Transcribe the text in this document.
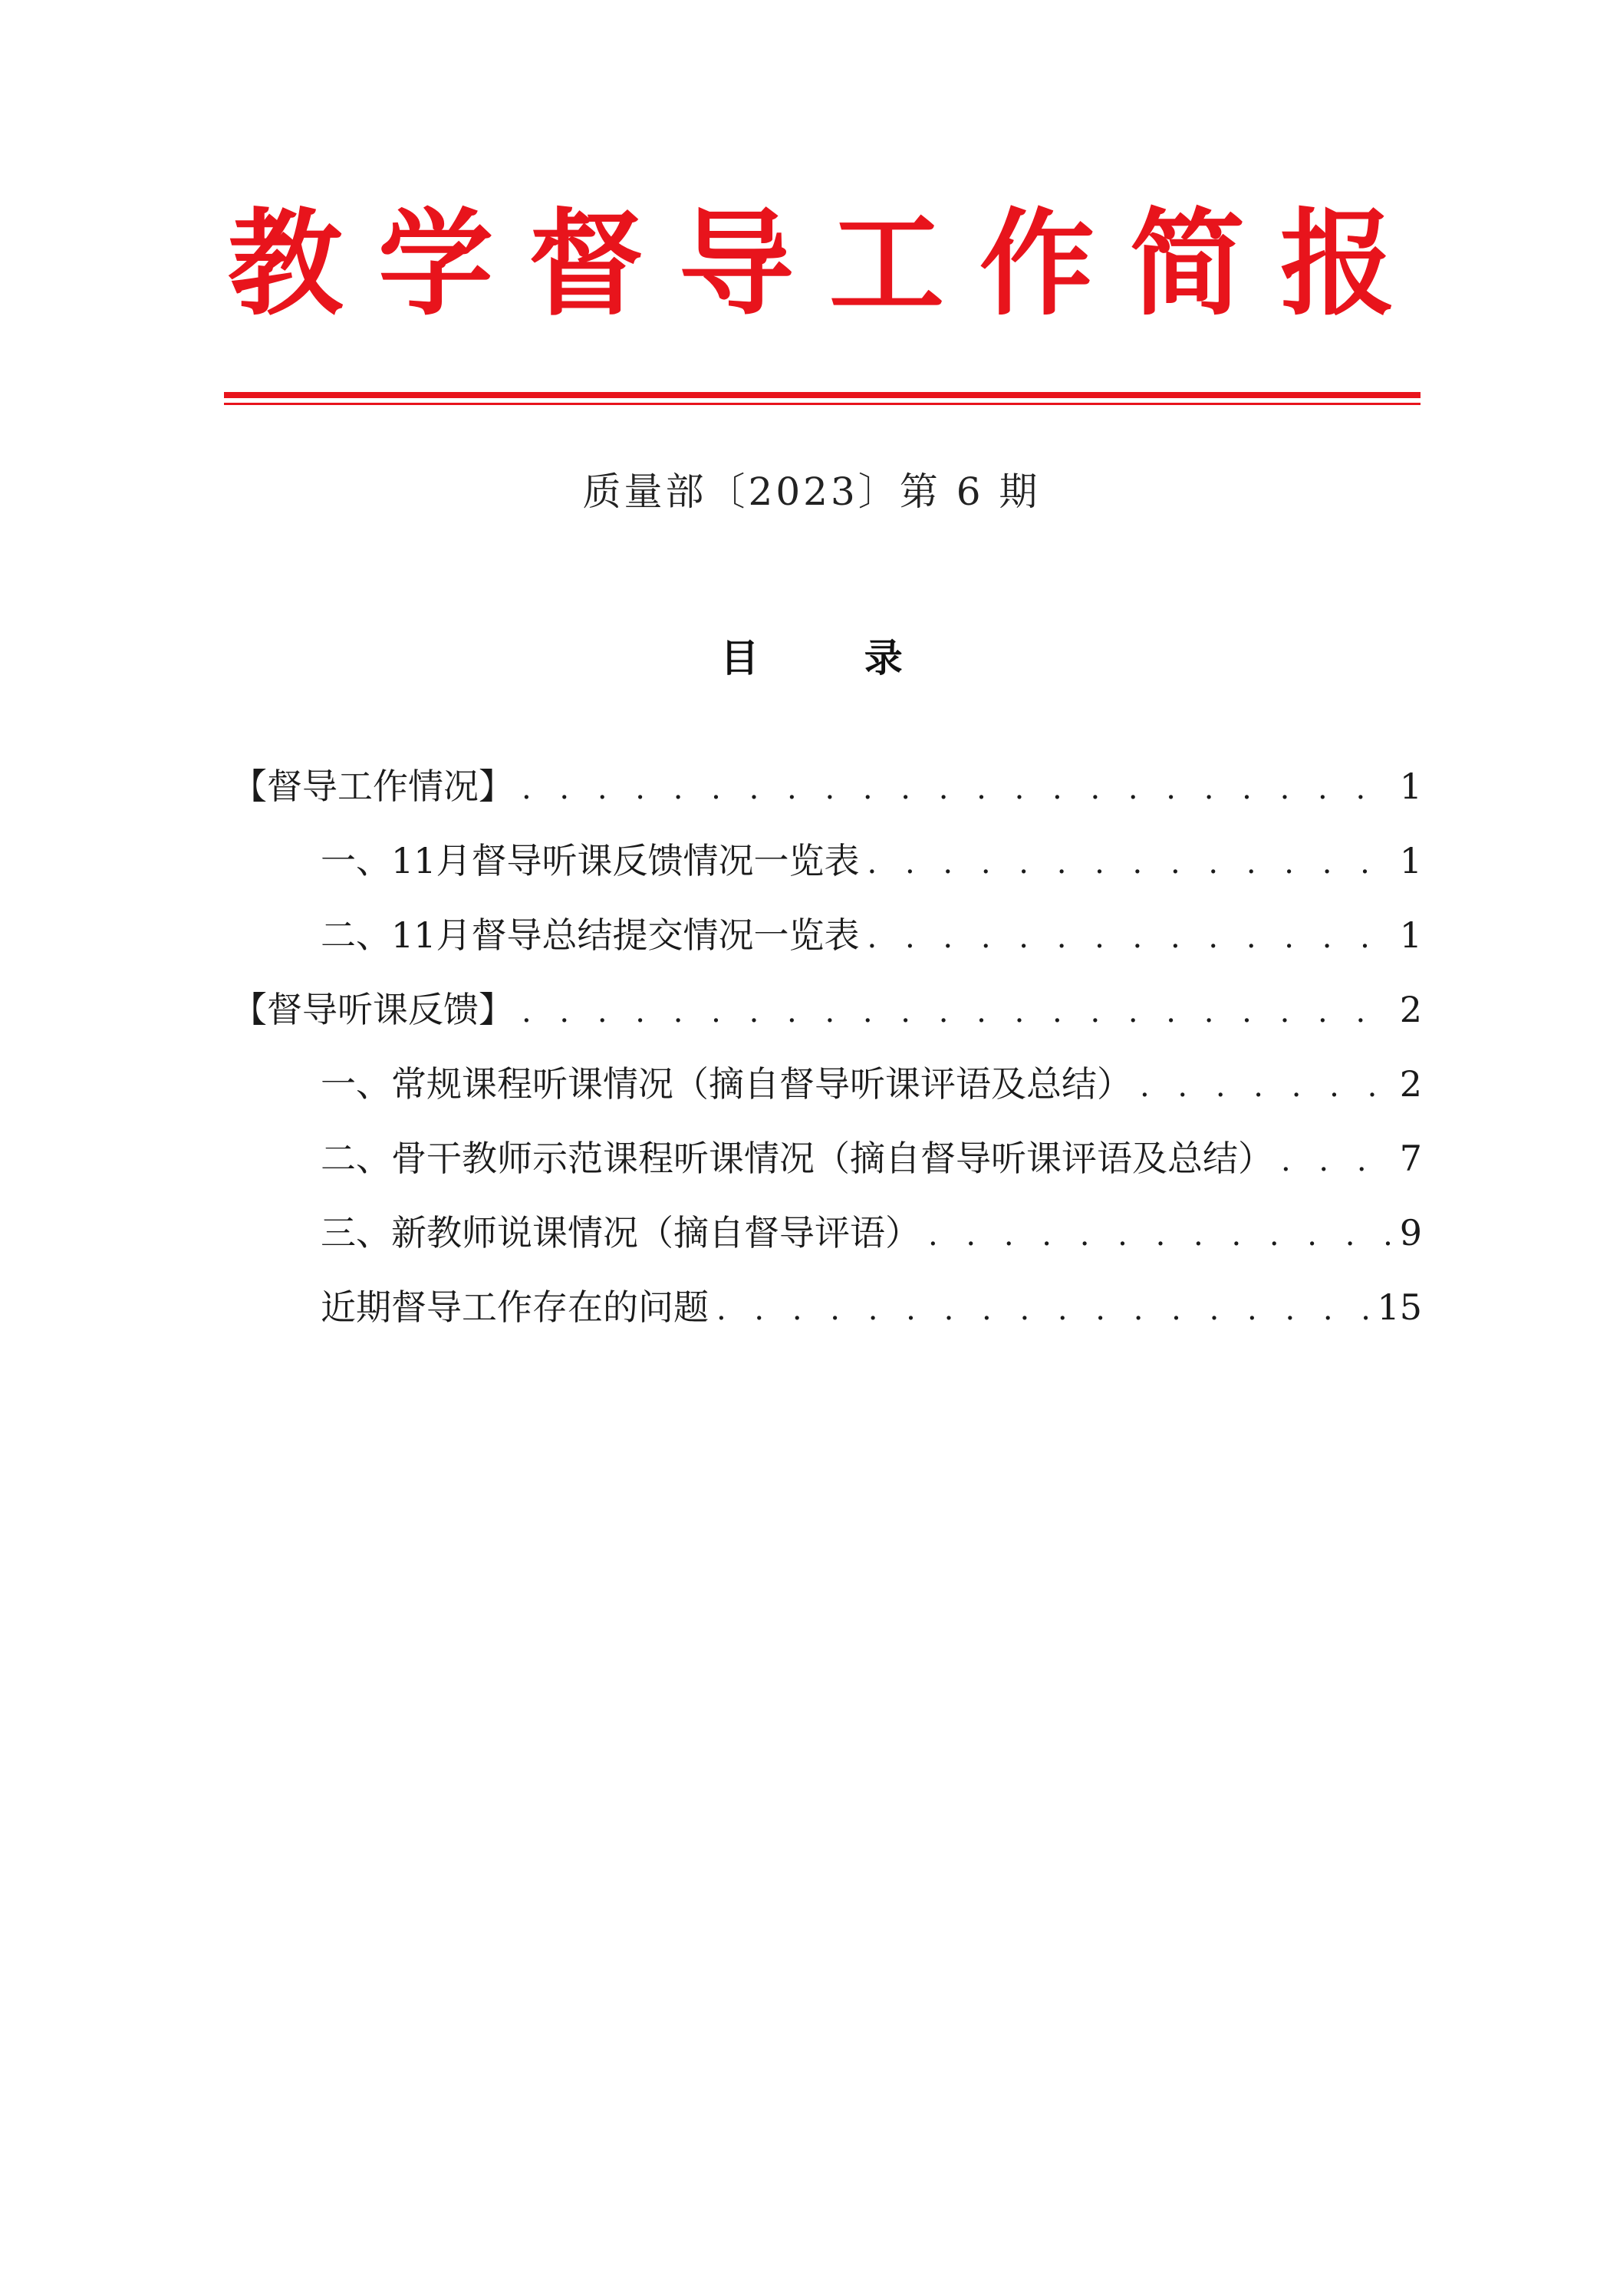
教学督导工作简报
质量部〔2023〕第 6 期
目 录
【督导工作情况】 . . .	1
一、11月督导听课反馈情况一览表 . . .	1
二、11月督导总结提交情况一览表 . . .	1
【督导听课反馈】 . . .	2
一、常规课程听课情况（摘自督导听课评语及总结） . . .	2
二、骨干教师示范课程听课情况（摘自督导听课评语及总结） . . .	7
三、新教师说课情况（摘自督导评语） . . .	9
近期督导工作存在的问题 . . .	15
